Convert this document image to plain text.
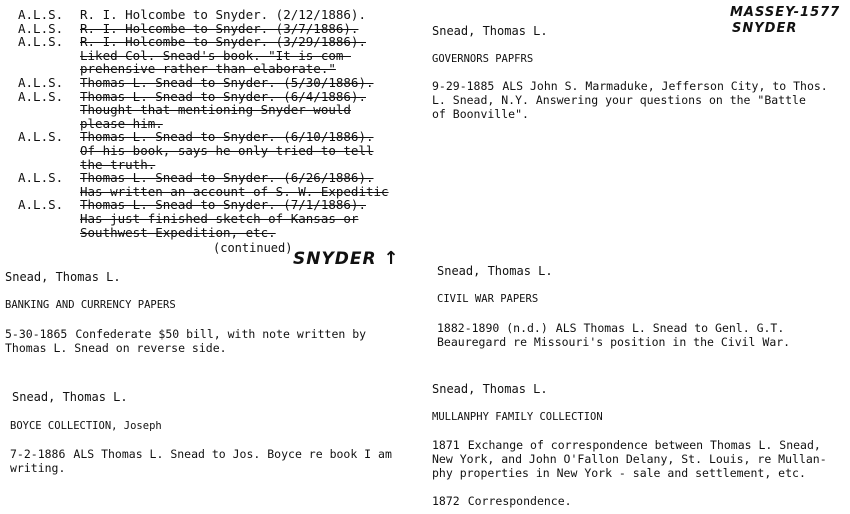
A.L.S.	R. I. Holcombe to Snyder. (2/12/1886).
A.L.S.	R. I. Holcombe to Snyder. (3/7/1886).
A.L.S.	R. I. Holcombe to Snyder. (3/29/1886).
Liked Col. Snead's book. "It is com-
prehensive rather than elaborate."
A.L.S.	Thomas L. Snead to Snyder. (5/30/1886).
A.L.S.	Thomas L. Snead to Snyder. (6/4/1886).
Thought that mentioning Snyder would
please him.
A.L.S.	Thomas L. Snead to Snyder. (6/10/1886).
Of his book, says he only tried to tell
the truth.
A.L.S.	Thomas L. Snead to Snyder. (6/26/1886).
Has written an account of S. W. Expeditic
A.L.S.	Thomas L. Snead to Snyder. (7/1/1886).
Has just finished sketch of Kansas or
Southwest Expedition, etc.
(continued)
SNYDER ↑
MASSEY-1577
SNYDER
Snead, Thomas L.
GOVERNORS PAPFRS
9-29-1885 ALS John S. Marmaduke, Jefferson City, to Thos.
L. Snead, N.Y. Answering your questions on the "Battle
of Boonville".
Snead, Thomas L.
BANKING AND CURRENCY PAPERS
5-30-1865 Confederate $50 bill, with note written by
Thomas L. Snead on reverse side.
Snead, Thomas L.
CIVIL WAR PAPERS
1882-1890 (n.d.) ALS Thomas L. Snead to Genl. G.T.
Beauregard re Missouri's position in the Civil War.
Snead, Thomas L.
BOYCE COLLECTION, Joseph
7-2-1886 ALS Thomas L. Snead to Jos. Boyce re book I am
writing.
Snead, Thomas L.
MULLANPHY FAMILY COLLECTION
1871 Exchange of correspondence between Thomas L. Snead,
New York, and John O'Fallon Delany, St. Louis, re Mullan-
phy properties in New York - sale and settlement, etc.
1872 Correspondence.
